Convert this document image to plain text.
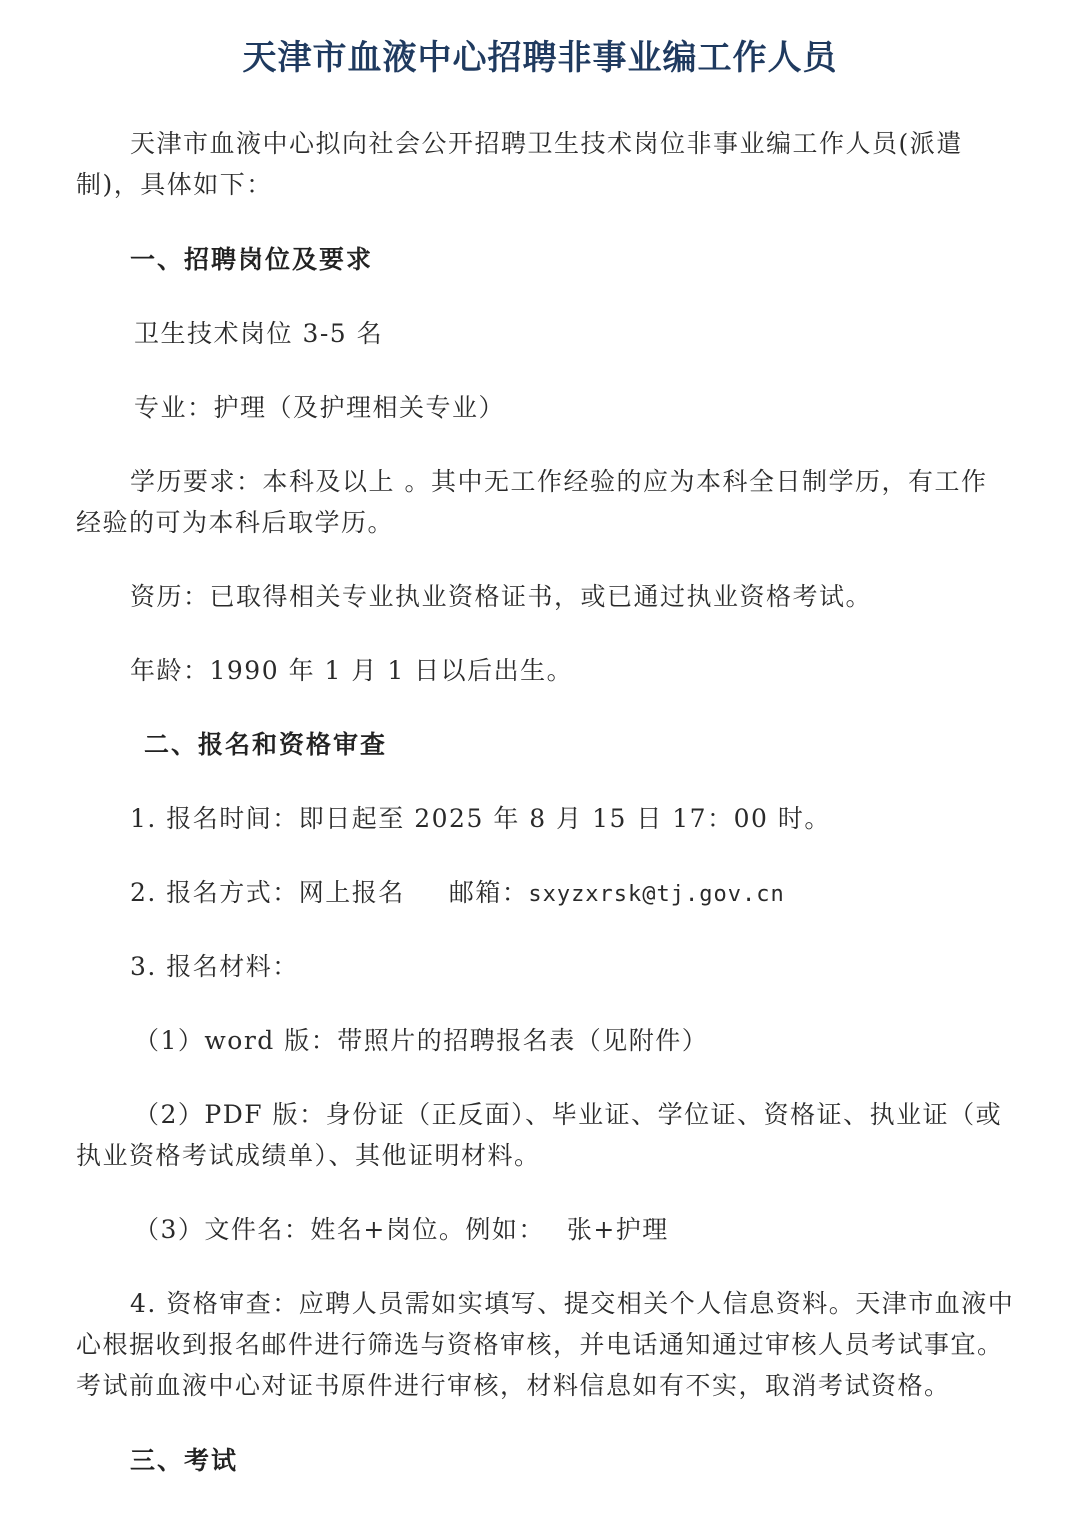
天津市血液中心招聘非事业编工作人员
天津市血液中心拟向社会公开招聘卫生技术岗位非事业编工作人员(派遣
制)，具体如下：
一、招聘岗位及要求
卫生技术岗位 3-5 名
专业：护理（及护理相关专业）
学历要求：本科及以上 。其中无工作经验的应为本科全日制学历，有工作
经验的可为本科后取学历。
资历：已取得相关专业执业资格证书，或已通过执业资格考试。
年龄：1990 年 1 月 1 日以后出生。
二、报名和资格审查
1. 报名时间：即日起至 2025 年 8 月 15 日 17：00 时。
2. 报名方式：网上报名 邮箱：sxyzxrsk@tj.gov.cn
3. 报名材料：
（1）word 版：带照片的招聘报名表（见附件）
（2）PDF 版：身份证（正反面）、毕业证、学位证、资格证、执业证（或
执业资格考试成绩单）、其他证明材料。
（3）文件名：姓名+岗位。例如： 张+护理
4. 资格审查：应聘人员需如实填写、提交相关个人信息资料。天津市血液中
心根据收到报名邮件进行筛选与资格审核，并电话通知通过审核人员考试事宜。
考试前血液中心对证书原件进行审核，材料信息如有不实，取消考试资格。
三、考试
